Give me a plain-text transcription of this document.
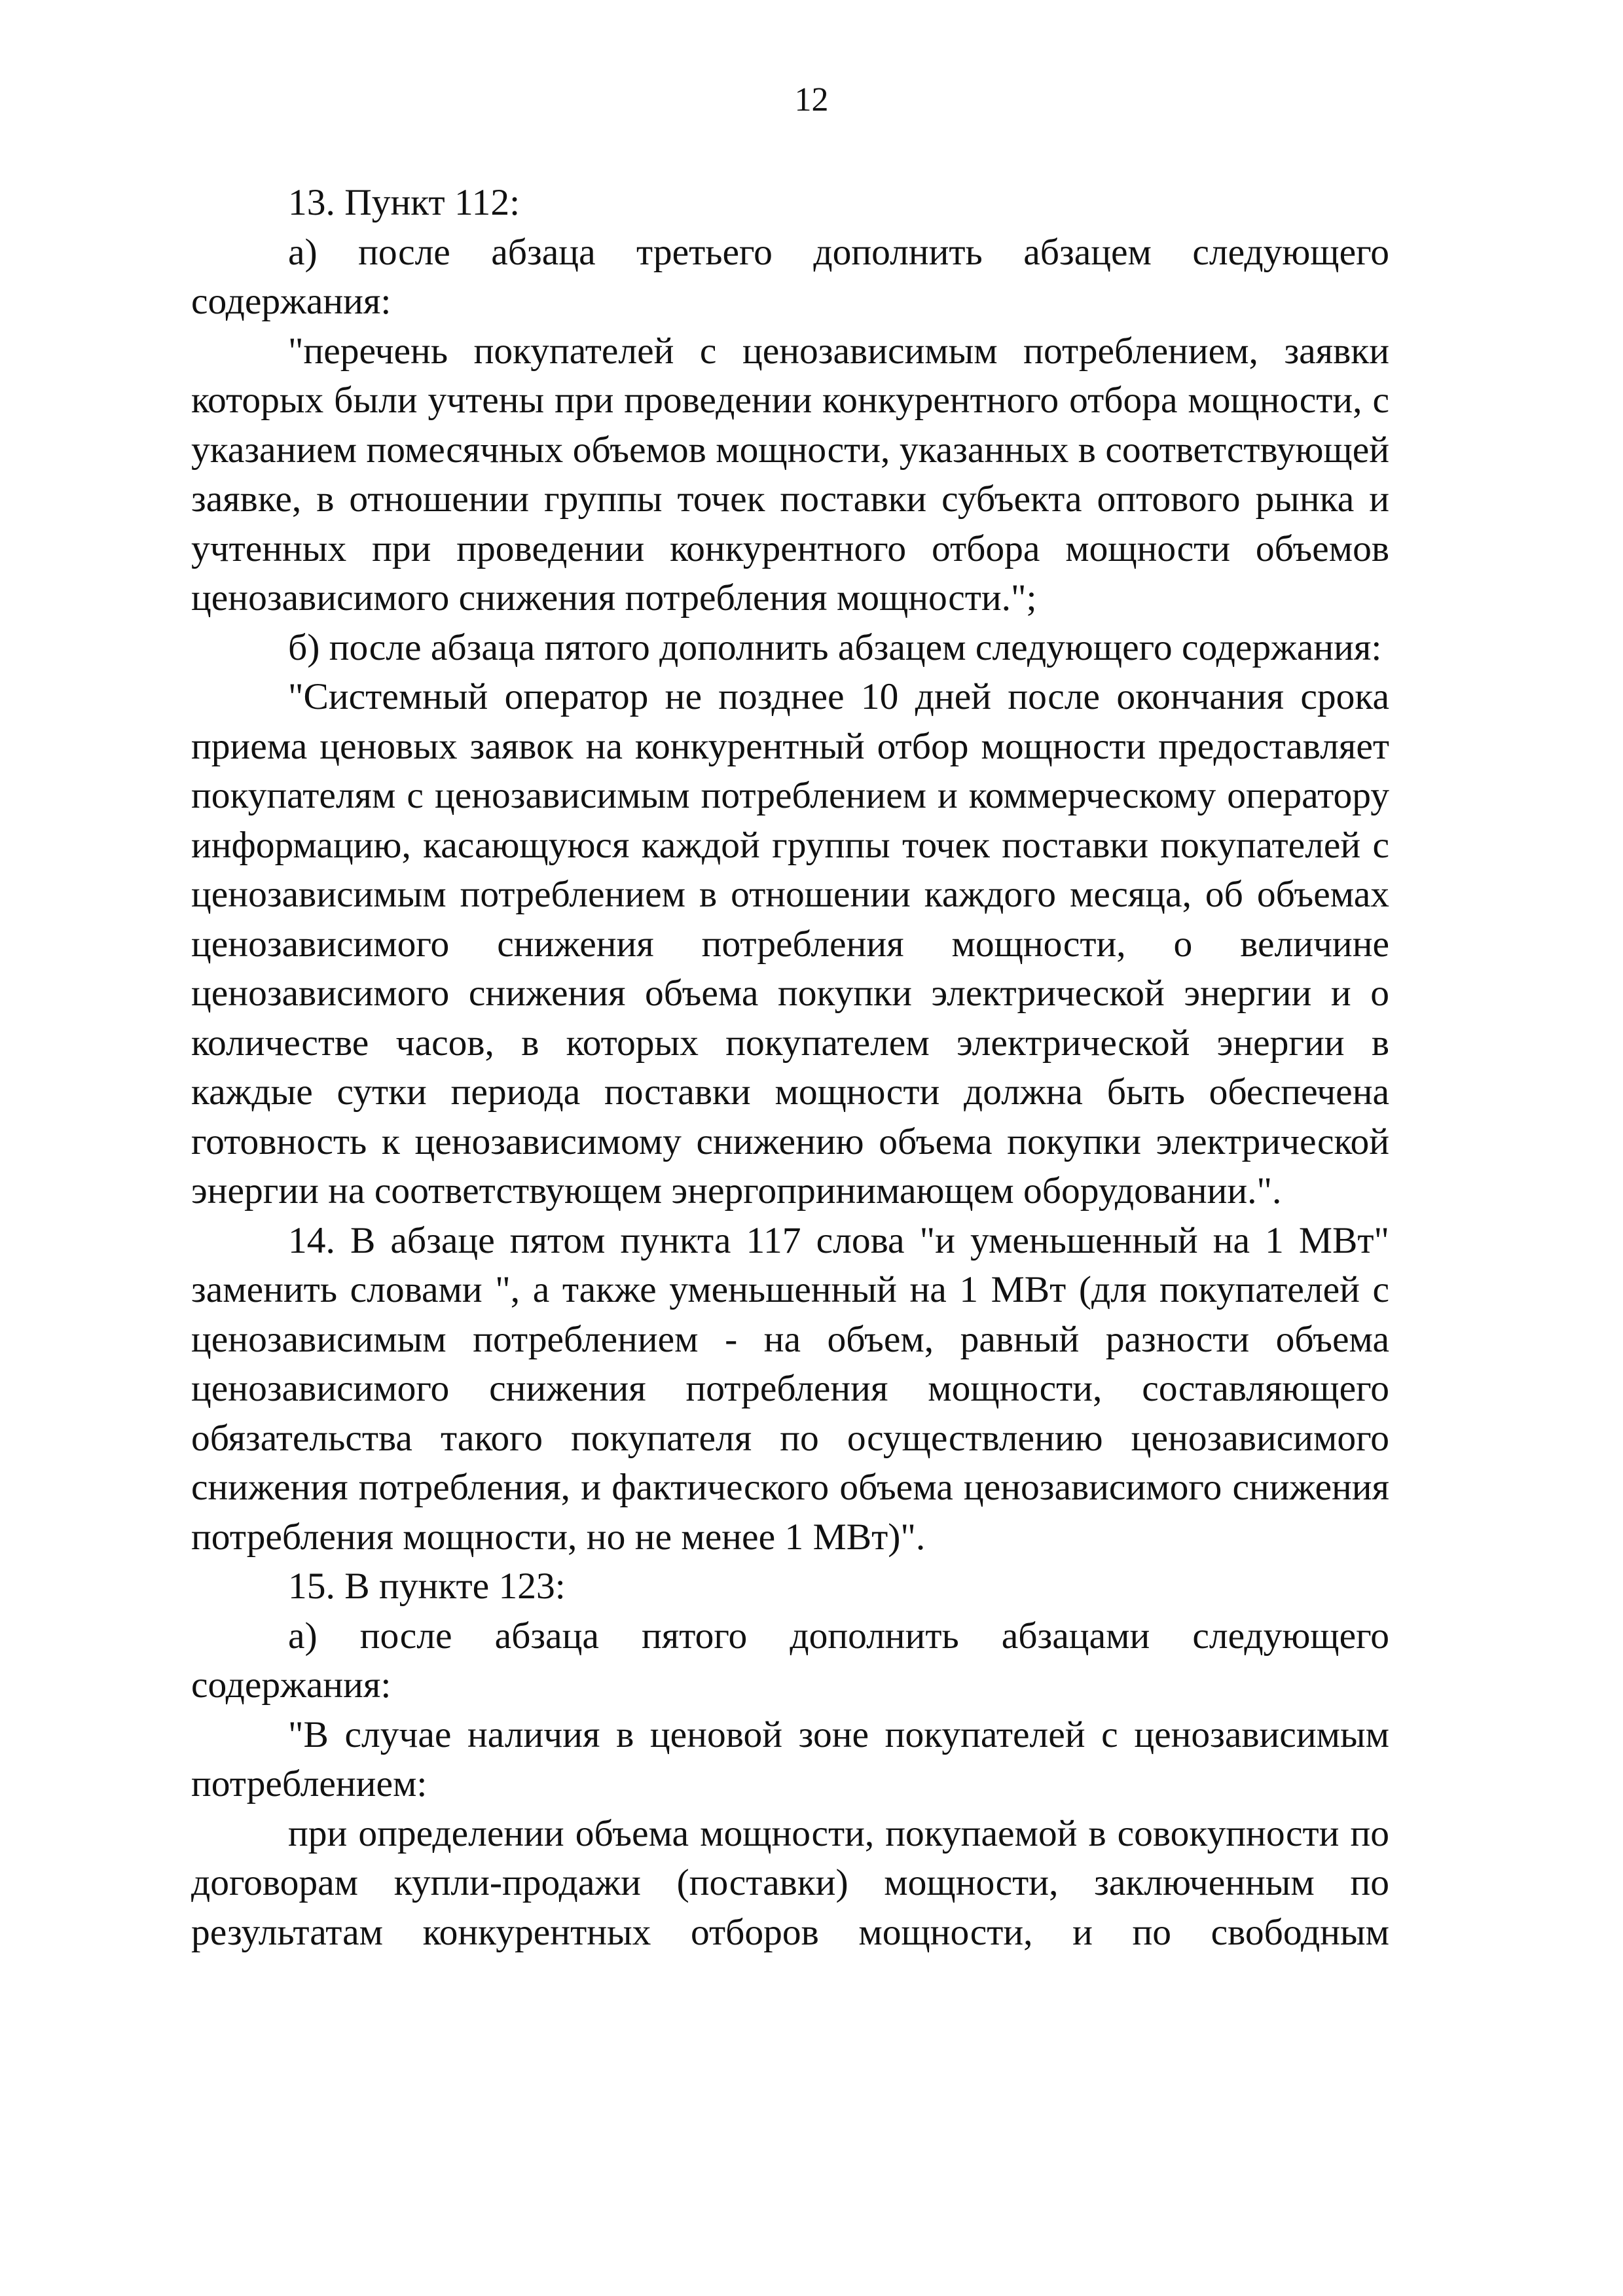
12

13. Пункт 112:

а) после абзаца третьего дополнить абзацем следующего содержания:

"перечень покупателей с ценозависимым потреблением, заявки которых были учтены при проведении конкурентного отбора мощности, с указанием помесячных объемов мощности, указанных в соответствующей заявке, в отношении группы точек поставки субъекта оптового рынка и учтенных при проведении конкурентного отбора мощности объемов ценозависимого снижения потребления мощности.";

б) после абзаца пятого дополнить абзацем следующего содержания:

"Системный оператор не позднее 10 дней после окончания срока приема ценовых заявок на конкурентный отбор мощности предоставляет покупателям с ценозависимым потреблением и коммерческому оператору информацию, касающуюся каждой группы точек поставки покупателей с ценозависимым потреблением в отношении каждого месяца, об объемах ценозависимого снижения потребления мощности, о величине ценозависимого снижения объема покупки электрической энергии и о количестве часов, в которых покупателем электрической энергии в каждые сутки периода поставки мощности должна быть обеспечена готовность к ценозависимому снижению объема покупки электрической энергии на соответствующем энергопринимающем оборудовании.".

14. В абзаце пятом пункта 117 слова "и уменьшенный на 1 МВт" заменить словами ", а также уменьшенный на 1 МВт (для покупателей с ценозависимым потреблением - на объем, равный разности объема ценозависимого снижения потребления мощности, составляющего обязательства такого покупателя по осуществлению ценозависимого снижения потребления, и фактического объема ценозависимого снижения потребления мощности, но не менее 1 МВт)".

15. В пункте 123:

а) после абзаца пятого дополнить абзацами следующего содержания:

"В случае наличия в ценовой зоне покупателей с ценозависимым потреблением:

при определении объема мощности, покупаемой в совокупности по договорам купли-продажи (поставки) мощности, заключенным по результатам конкурентных отборов мощности, и по свободным
